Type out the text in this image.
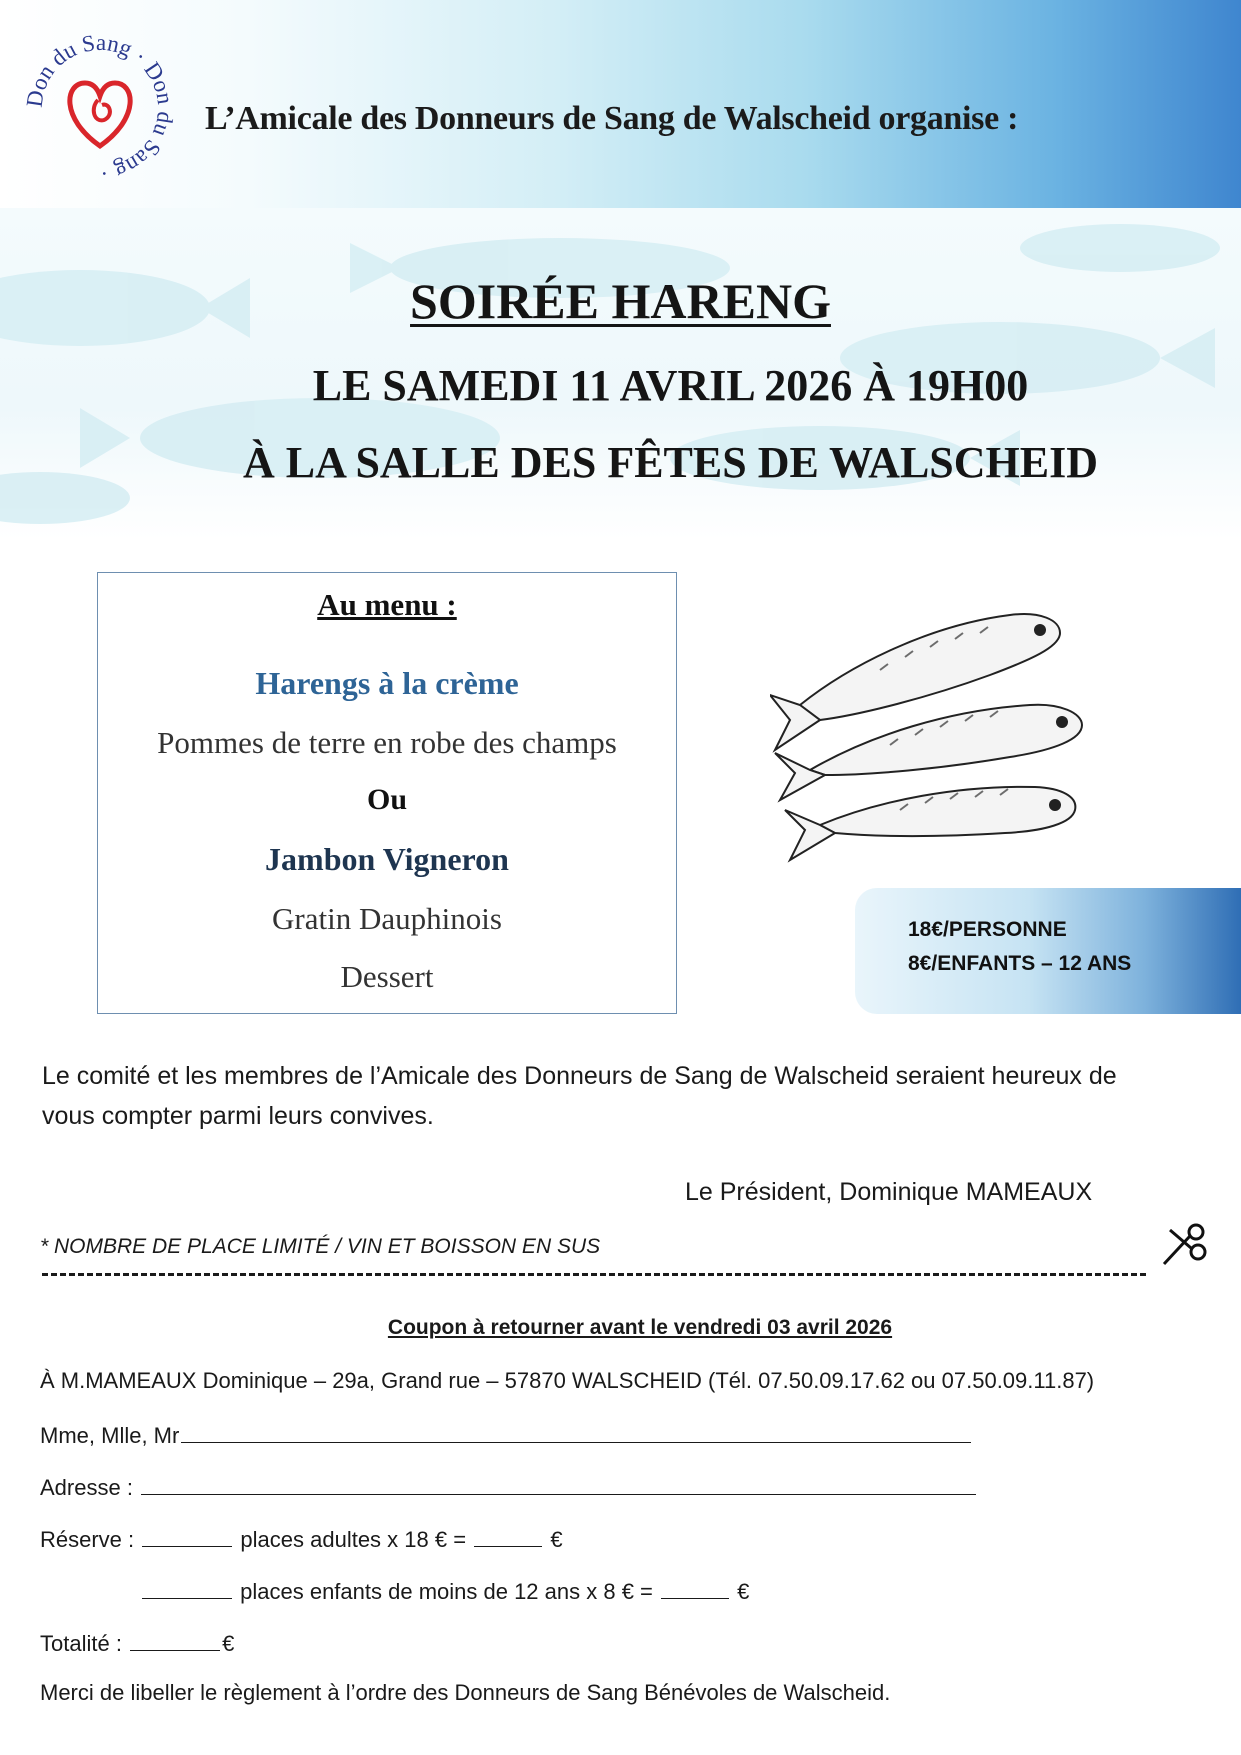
Don du Sang · Don du Sang ·
L’Amicale des Donneurs de Sang de Walscheid organise :
SOIRÉE HARENG
LE SAMEDI 11 AVRIL 2026 À 19H00
À LA SALLE DES FÊTES DE WALSCHEID
Au menu :
Harengs à la crème
Pommes de terre en robe des champs
Ou
Jambon Vigneron
Gratin Dauphinois
Dessert
18€/PERSONNE
8€/ENFANTS – 12 ANS
Le comité et les membres de l’Amicale des Donneurs de Sang de Walscheid seraient heureux de vous compter parmi leurs convives.
Le Président, Dominique MAMEAUX
* NOMBRE DE PLACE LIMITÉ / VIN ET BOISSON EN SUS
Coupon à retourner avant le vendredi 03 avril 2026
À M.MAMEAUX Dominique – 29a, Grand rue – 57870 WALSCHEID (Tél. 07.50.09.17.62 ou 07.50.09.11.87)
Mme, Mlle, Mr
Adresse :
Réserve :	places adultes x 18 € =	€
places enfants de moins de 12 ans x 8 € =	€
Totalité :	€
Merci de libeller le règlement à l’ordre des Donneurs de Sang Bénévoles de Walscheid.
